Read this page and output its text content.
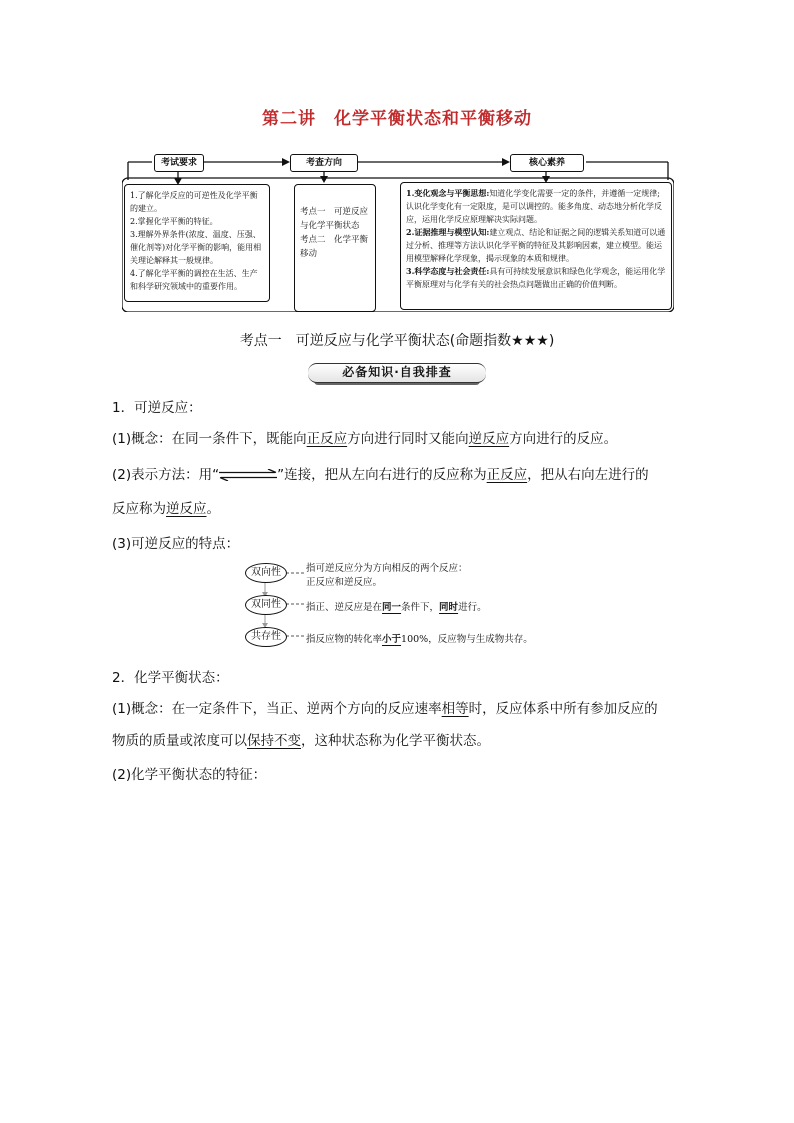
第二讲　化学平衡状态和平衡移动
考试要求	考查方向	核心素养

1.了解化学反应的可逆性及化学平衡的建立。

2.掌握化学平衡的特征。

3.理解外界条件(浓度、温度、压强、催化剂等)对化学平衡的影响，能用相关理论解释其一般规律。

4.了解化学平衡的调控在生活、生产和科学研究领域中的重要作用。

考点一　可逆反应与化学平衡状态

考点二　化学平衡移动

1.变化观念与平衡思想:知道化学变化需要一定的条件，并遵循一定规律;认识化学变化有一定限度，是可以调控的。能多角度、动态地分析化学反应，运用化学反应原理解决实际问题。

2.证据推理与模型认知:建立观点、结论和证据之间的逻辑关系知道可以通过分析、推理等方法认识化学平衡的特征及其影响因素，建立模型。能运用模型解释化学现象，揭示现象的本质和规律。

3.科学态度与社会责任:具有可持续发展意识和绿色化学观念，能运用化学平衡原理对与化学有关的社会热点问题做出正确的价值判断。

考点一　可逆反应与化学平衡状态(命题指数★★★)
必备知识·自我排查
1．可逆反应：
(1)概念：在同一条件下，既能向正反应方向进行同时又能向逆反应方向进行的反应。
(2)表示方法：用“	”连接，把从左向右进行的反应称为正反应，把从右向左进行的
反应称为逆反应。
(3)可逆反应的特点：
双向性
双同性
共存性
指可逆反应分为方向相反的两个反应：
正反应和逆反应。
指正、逆反应是在同一条件下，同时进行。
指反应物的转化率小于100%，反应物与生成物共存。
2．化学平衡状态：
(1)概念：在一定条件下，当正、逆两个方向的反应速率相等时，反应体系中所有参加反应的
物质的质量或浓度可以保持不变，这种状态称为化学平衡状态。
(2)化学平衡状态的特征：
